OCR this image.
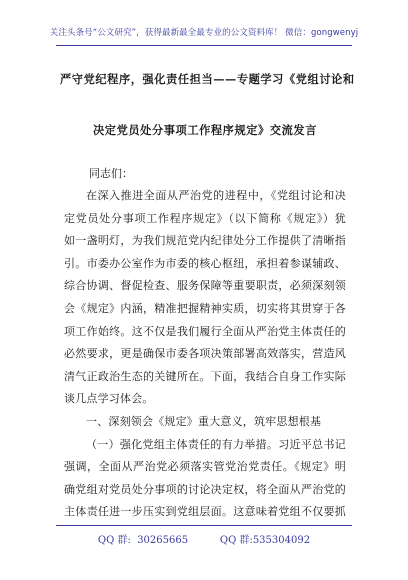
关注头条号“公文研究”，获得最新最全最专业的公文资料库！ 微信：gongwenyj
严守党纪程序，强化责任担当——专题学习《党组讨论和
决定党员处分事项工作程序规定》交流发言
同志们：
在深入推进全面从严治党的进程中，《党组讨论和决
定党员处分事项工作程序规定》（以下简称《规定》）犹
如一盏明灯，为我们规范党内纪律处分工作提供了清晰指
引。市委办公室作为市委的核心枢纽，承担着参谋辅政、
综合协调、督促检查、服务保障等重要职责，必须深刻领
会《规定》内涵，精准把握精神实质，切实将其贯穿于各
项工作始终。这不仅是我们履行全面从严治党主体责任的
必然要求，更是确保市委各项决策部署高效落实，营造风
清气正政治生态的关键所在。下面，我结合自身工作实际
谈几点学习体会。
一、深刻领会《规定》重大意义，筑牢思想根基
（一）强化党组主体责任的有力举措。习近平总书记
强调，全面从严治党必须落实管党治党责任。《规定》明
确党组对党员处分事项的讨论决定权，将全面从严治党的
主体责任进一步压实到党组层面。这意味着党组不仅要抓
QQ 群:  30265665          QQ 群:535304092
